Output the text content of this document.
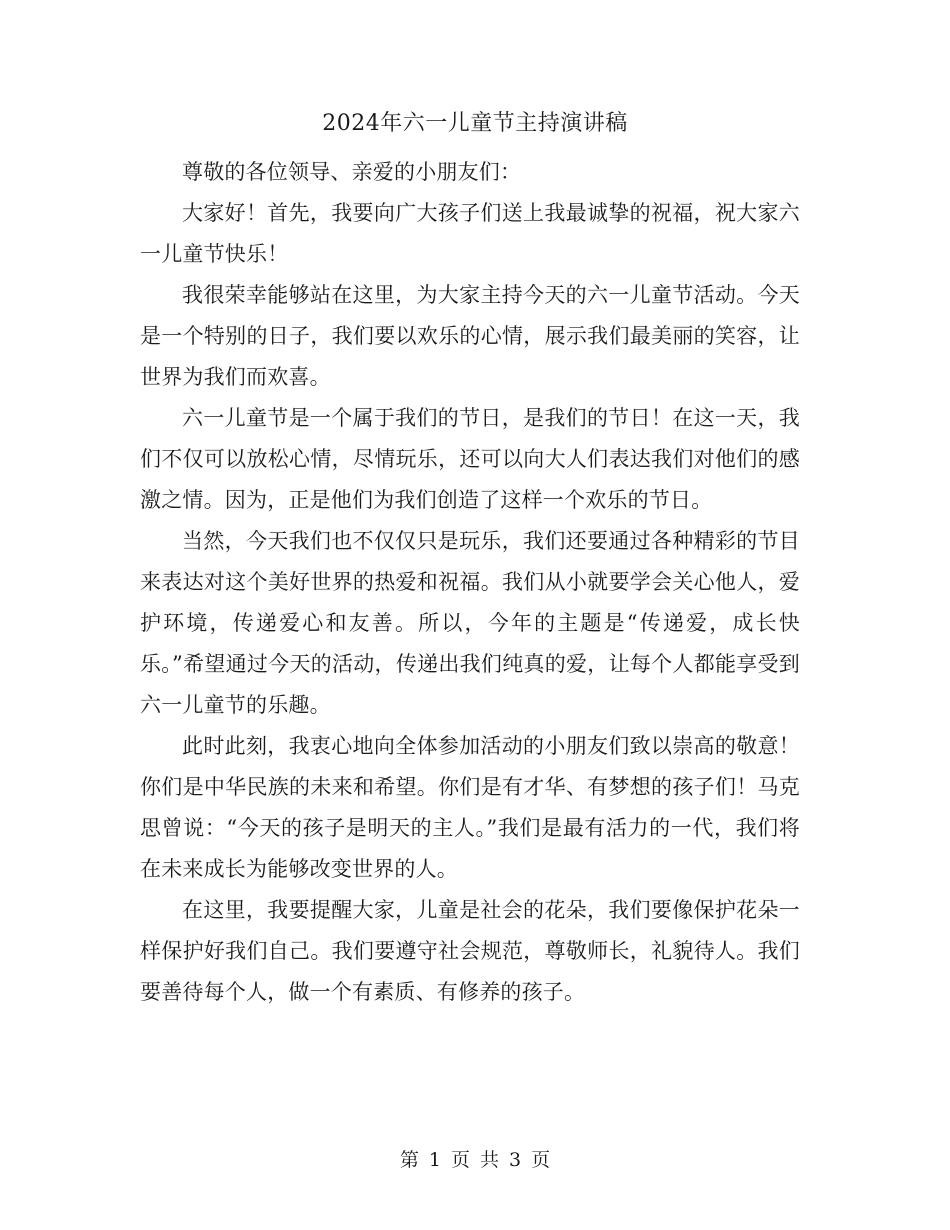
2024年六一儿童节主持演讲稿

尊敬的各位领导、亲爱的小朋友们：

大家好！首先，我要向广大孩子们送上我最诚挚的祝福，祝大家六一儿童节快乐！

我很荣幸能够站在这里，为大家主持今天的六一儿童节活动。今天是一个特别的日子，我们要以欢乐的心情，展示我们最美丽的笑容，让世界为我们而欢喜。

六一儿童节是一个属于我们的节日，是我们的节日！在这一天，我们不仅可以放松心情，尽情玩乐，还可以向大人们表达我们对他们的感激之情。因为，正是他们为我们创造了这样一个欢乐的节日。

当然，今天我们也不仅仅只是玩乐，我们还要通过各种精彩的节目来表达对这个美好世界的热爱和祝福。我们从小就要学会关心他人，爱护环境，传递爱心和友善。所以，今年的主题是“传递爱，成长快乐。”希望通过今天的活动，传递出我们纯真的爱，让每个人都能享受到六一儿童节的乐趣。

此时此刻，我衷心地向全体参加活动的小朋友们致以崇高的敬意！你们是中华民族的未来和希望。你们是有才华、有梦想的孩子们！马克思曾说：“今天的孩子是明天的主人。”我们是最有活力的一代，我们将在未来成长为能够改变世界的人。

在这里，我要提醒大家，儿童是社会的花朵，我们要像保护花朵一样保护好我们自己。我们要遵守社会规范，尊敬师长，礼貌待人。我们要善待每个人，做一个有素质、有修养的孩子。

第 1 页 共 3 页
